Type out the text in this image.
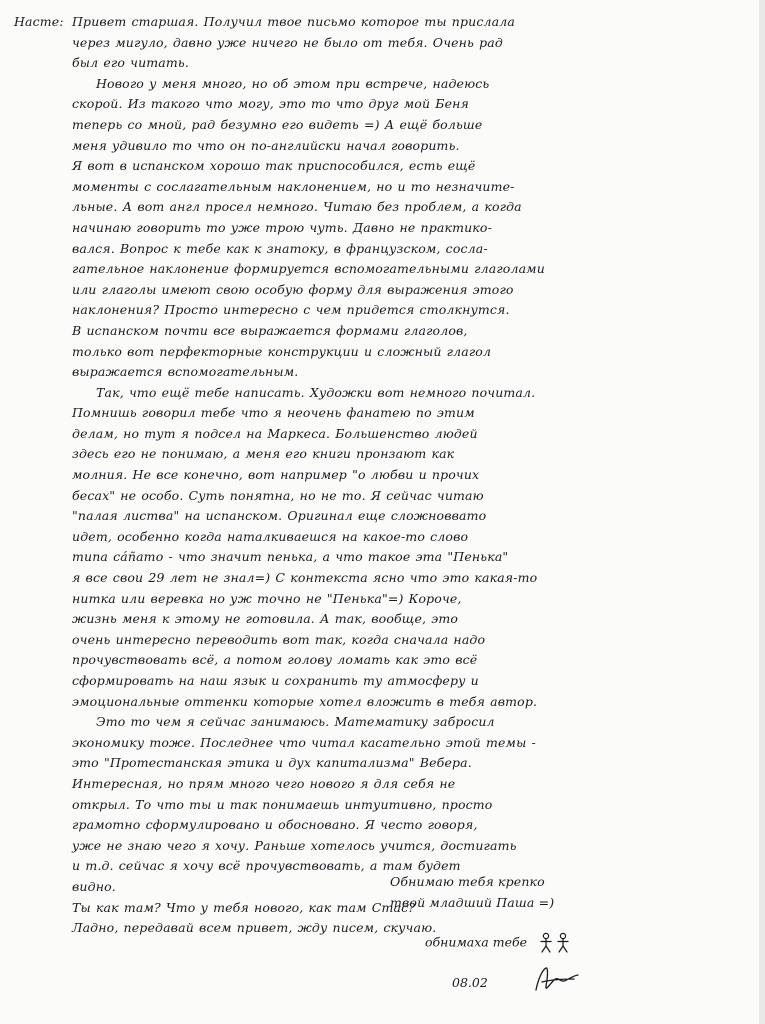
Насте: Привет старшая. Получил твое письмо которое ты прислала
через мигуло, давно уже ничего не было от тебя. Очень рад
был его читать.
Нового у меня много, но об этом при встрече, надеюсь
скорой. Из такого что могу, это то что друг мой Беня
теперь со мной, рад безумно его видеть =) А ещё больше
меня удивило то что он по-английски начал говорить.
Я вот в испанском хорошо так приспособился, есть ещё
моменты с сослагательным наклонением, но и то незначите-
льные. А вот англ просел немного. Читаю без проблем, а когда
начинаю говорить то уже трою чуть. Давно не практико-
вался. Вопрос к тебе как к знатоку, в французском, сосла-
гательное наклонение формируется вспомогательными глаголами
или глаголы имеют свою особую форму для выражения этого
наклонения? Просто интересно с чем придется столкнутся.
В испанском почти все выражается формами глаголов,
только вот перфекторные конструкции и сложный глагол
выражается вспомогательным.
Так, что ещё тебе написать. Художки вот немного почитал.
Помнишь говорил тебе что я неочень фанатею по этим
делам, но тут я подсел на Маркеса. Большенство людей
здесь его не понимаю, а меня его книги пронзают как
молния. Не все конечно, вот например "о любви и прочих
бесах" не особо. Суть понятна, но не то. Я сейчас читаю
"палая листва" на испанском. Оригинал еще сложноввато
идет, особенно когда наталкиваешся на какое-то слово
типа cáñamo - что значит пенька, а что такое эта "Пенька"
я все свои 29 лет не знал=) С контекста ясно что это какая-то
нитка или веревка но уж точно не "Пенька"=) Короче,
жизнь меня к этому не готовила. А так, вообще, это
очень интересно переводить вот так, когда сначала надо
прочувствовать всё, а потом голову ломать как это всё
сформировать на наш язык и сохранить ту атмосферу и
эмоциональные оттенки которые хотел вложить в тебя автор.
Это то чем я сейчас занимаюсь. Математику забросил
экономику тоже. Последнее что читал касательно этой темы -
это "Протестанская этика и дух капитализма" Вебера.
Интересная, но прям много чего нового я для себя не
открыл. То что ты и так понимаешь интуитивно, просто
грамотно сформулировано и обосновано. Я често говоря,
уже не знаю чего я хочу. Раньше хотелось учится, достигать
и т.д. сейчас я хочу всё прочувствовать, а там будет
видно.
Ты как там? Что у тебя нового, как там Стас?
Ладно, передавай всем привет, жду писем, скучаю.
Обнимаю тебя крепко
твой младший Паша =)
обнимаха тебе
08.02
